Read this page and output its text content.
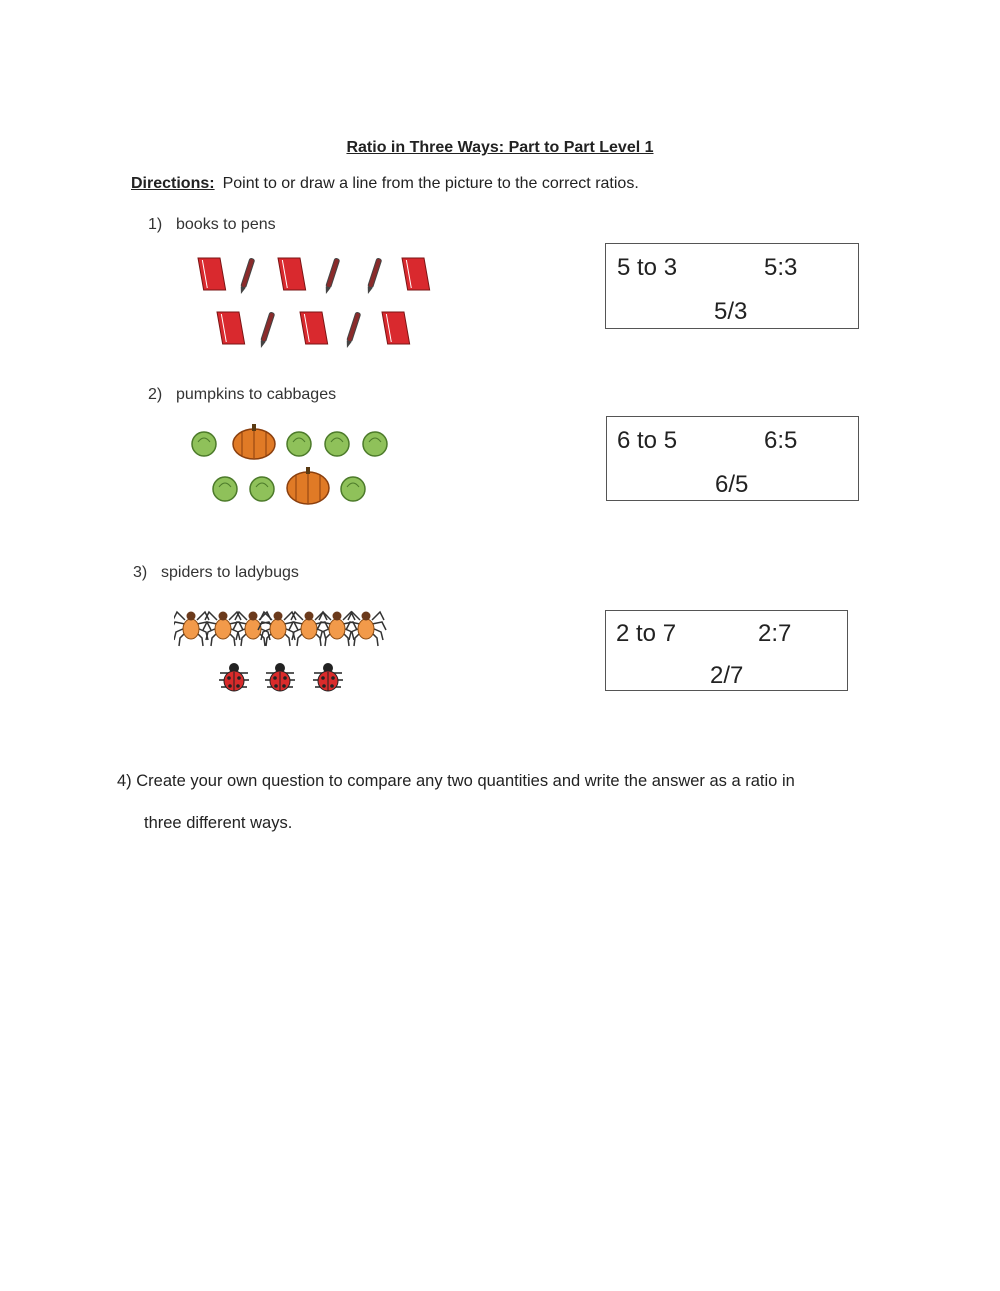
Ratio in Three Ways: Part to Part Level 1
Directions: Point to or draw a line from the picture to the correct ratios.
1) books to pens
5 to 3	5:3
5/3
2) pumpkins to cabbages
6 to 5	6:5
6/5
3) spiders to ladybugs
2 to 7	2:7
2/7
4) Create your own question to compare any two quantities and write the answer as a ratio in
three different ways.
